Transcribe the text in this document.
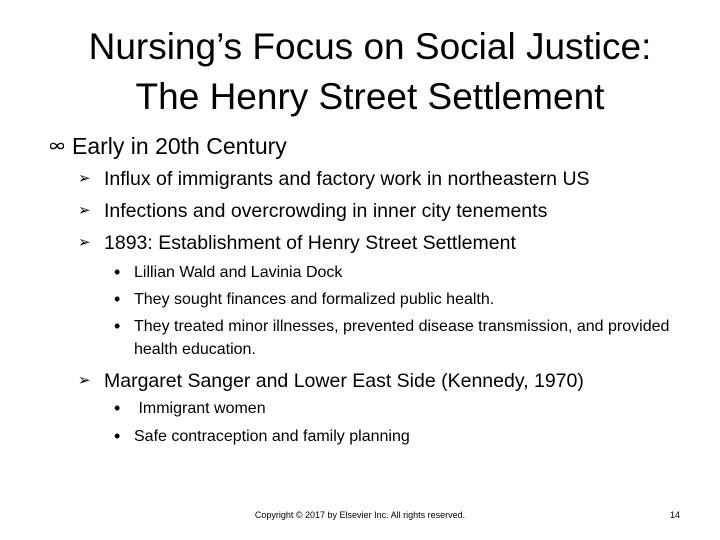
Nursing’s Focus on Social Justice:
The Henry Street Settlement
Early in 20th Century
➢ Influx of immigrants and factory work in northeastern US
➢ Infections and overcrowding in inner city tenements
➢ 1893: Establishment of Henry Street Settlement
• Lillian Wald and Lavinia Dock
• They sought finances and formalized public health.
• They treated minor illnesses, prevented disease transmission, and provided health education.
➢ Margaret Sanger and Lower East Side (Kennedy, 1970)
• Immigrant women
• Safe contraception and family planning
Copyright © 2017 by Elsevier Inc. All rights reserved.	14
